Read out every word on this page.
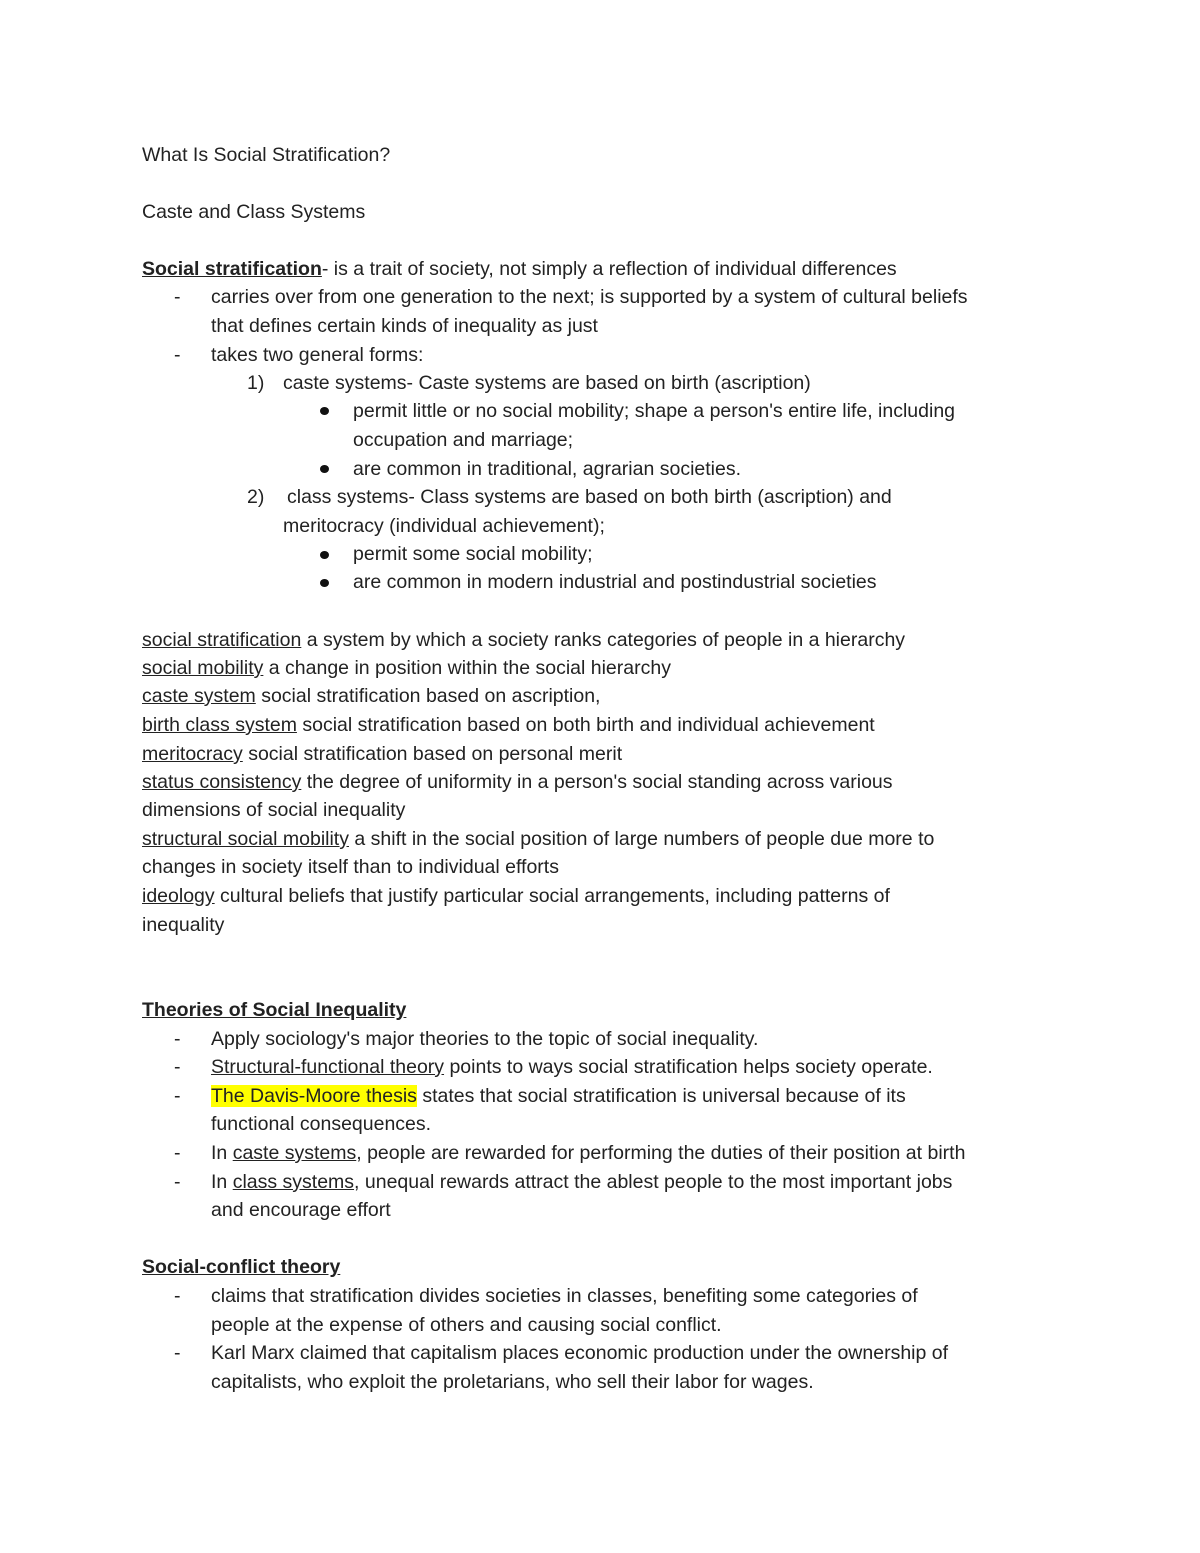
What Is Social Stratification?
Caste and Class Systems
Social stratification- is a trait of society, not simply a reflection of individual differences
- carries over from one generation to the next; is supported by a system of cultural beliefs
that defines certain kinds of inequality as just
- takes two general forms:
1) caste systems- Caste systems are based on birth (ascription)
permit little or no social mobility; shape a person's entire life, including
occupation and marriage;
are common in traditional, agrarian societies.
2) class systems- Class systems are based on both birth (ascription) and
meritocracy (individual achievement);
permit some social mobility;
are common in modern industrial and postindustrial societies
social stratification a system by which a society ranks categories of people in a hierarchy
social mobility a change in position within the social hierarchy
caste system social stratification based on ascription,
birth class system social stratification based on both birth and individual achievement
meritocracy social stratification based on personal merit
status consistency the degree of uniformity in a person's social standing across various
dimensions of social inequality
structural social mobility a shift in the social position of large numbers of people due more to
changes in society itself than to individual efforts
ideology cultural beliefs that justify particular social arrangements, including patterns of
inequality
Theories of Social Inequality
- Apply sociology's major theories to the topic of social inequality.
- Structural-functional theory points to ways social stratification helps society operate.
- The Davis-Moore thesis states that social stratification is universal because of its
functional consequences.
- In caste systems, people are rewarded for performing the duties of their position at birth
- In class systems, unequal rewards attract the ablest people to the most important jobs
and encourage effort
Social-conflict theory
- claims that stratification divides societies in classes, benefiting some categories of
people at the expense of others and causing social conflict.
- Karl Marx claimed that capitalism places economic production under the ownership of
capitalists, who exploit the proletarians, who sell their labor for wages.
